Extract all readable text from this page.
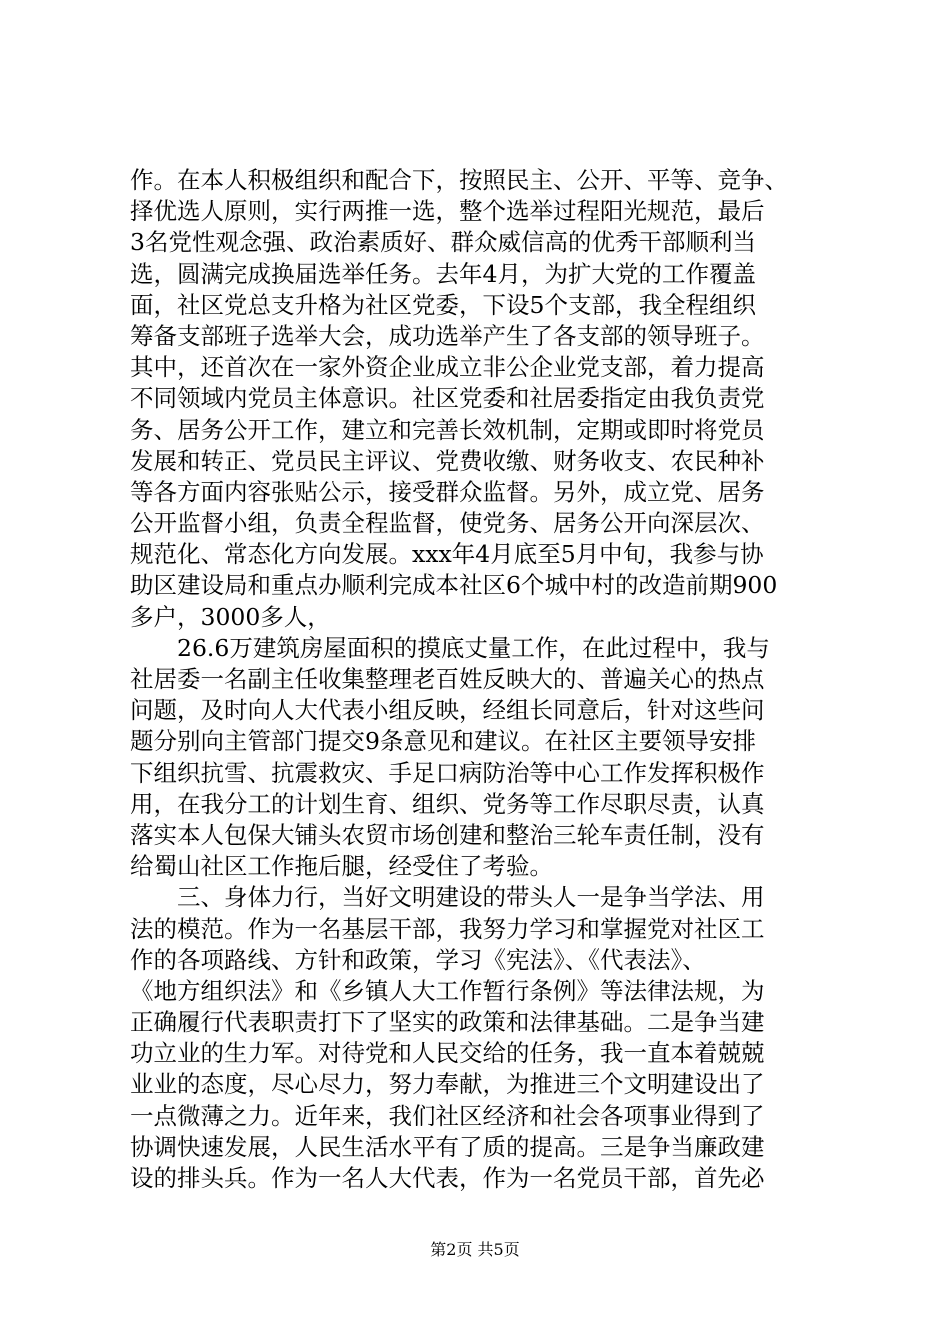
作。在本人积极组织和配合下，按照民主、公开、平等、竞争、
择优选人原则，实行两推一选，整个选举过程阳光规范，最后
3名党性观念强、政治素质好、群众威信高的优秀干部顺利当
选，圆满完成换届选举任务。去年4月，为扩大党的工作覆盖
面，社区党总支升格为社区党委，下设5个支部，我全程组织
筹备支部班子选举大会，成功选举产生了各支部的领导班子。
其中，还首次在一家外资企业成立非公企业党支部，着力提高
不同领域内党员主体意识。社区党委和社居委指定由我负责党
务、居务公开工作，建立和完善长效机制，定期或即时将党员
发展和转正、党员民主评议、党费收缴、财务收支、农民种补
等各方面内容张贴公示，接受群众监督。另外，成立党、居务
公开监督小组，负责全程监督，使党务、居务公开向深层次、
规范化、常态化方向发展。xxx年4月底至5月中旬，我参与协
助区建设局和重点办顺利完成本社区6个城中村的改造前期900
多户，3000多人，
　　26.6万建筑房屋面积的摸底丈量工作，在此过程中，我与
社居委一名副主任收集整理老百姓反映大的、普遍关心的热点
问题，及时向人大代表小组反映，经组长同意后，针对这些问
题分别向主管部门提交9条意见和建议。在社区主要领导安排
下组织抗雪、抗震救灾、手足口病防治等中心工作发挥积极作
用，在我分工的计划生育、组织、党务等工作尽职尽责，认真
落实本人包保大铺头农贸市场创建和整治三轮车责任制，没有
给蜀山社区工作拖后腿，经受住了考验。
　　三、身体力行，当好文明建设的带头人一是争当学法、用
法的模范。作为一名基层干部，我努力学习和掌握党对社区工
作的各项路线、方针和政策，学习《宪法》、《代表法》、
《地方组织法》和《乡镇人大工作暂行条例》等法律法规，为
正确履行代表职责打下了坚实的政策和法律基础。二是争当建
功立业的生力军。对待党和人民交给的任务，我一直本着兢兢
业业的态度，尽心尽力，努力奉献，为推进三个文明建设出了
一点微薄之力。近年来，我们社区经济和社会各项事业得到了
协调快速发展，人民生活水平有了质的提高。三是争当廉政建
设的排头兵。作为一名人大代表，作为一名党员干部，首先必
第2页 共5页
